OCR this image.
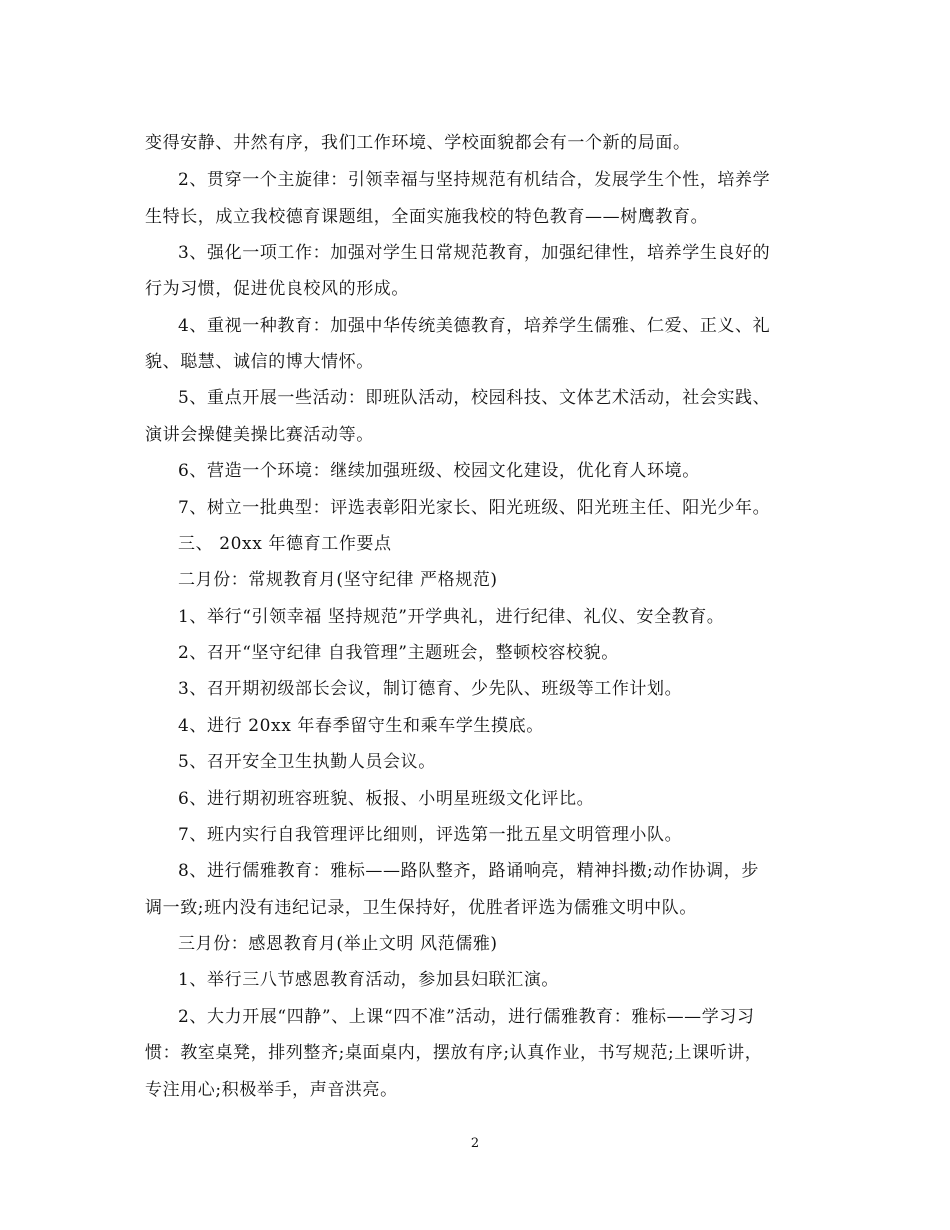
变得安静、井然有序，我们工作环境、学校面貌都会有一个新的局面。
2、贯穿一个主旋律：引领幸福与坚持规范有机结合，发展学生个性，培养学
生特长，成立我校德育课题组，全面实施我校的特色教育——树鹰教育。
3、强化一项工作：加强对学生日常规范教育，加强纪律性，培养学生良好的
行为习惯，促进优良校风的形成。
4、重视一种教育：加强中华传统美德教育，培养学生儒雅、仁爱、正义、礼
貌、聪慧、诚信的博大情怀。
5、重点开展一些活动：即班队活动，校园科技、文体艺术活动，社会实践、
演讲会操健美操比赛活动等。
6、营造一个环境：继续加强班级、校园文化建设，优化育人环境。
7、树立一批典型：评选表彰阳光家长、阳光班级、阳光班主任、阳光少年。
三、 20xx 年德育工作要点
二月份：常规教育月(坚守纪律 严格规范)
1、举行“引领幸福 坚持规范”开学典礼，进行纪律、礼仪、安全教育。
2、召开“坚守纪律 自我管理”主题班会，整顿校容校貌。
3、召开期初级部长会议，制订德育、少先队、班级等工作计划。
4、进行 20xx 年春季留守生和乘车学生摸底。
5、召开安全卫生执勤人员会议。
6、进行期初班容班貌、板报、小明星班级文化评比。
7、班内实行自我管理评比细则，评选第一批五星文明管理小队。
8、进行儒雅教育：雅标——路队整齐，路诵响亮，精神抖擞;动作协调，步
调一致;班内没有违纪记录，卫生保持好，优胜者评选为儒雅文明中队。
三月份：感恩教育月(举止文明 风范儒雅)
1、举行三八节感恩教育活动，参加县妇联汇演。
2、大力开展“四静”、上课“四不准”活动，进行儒雅教育：雅标——学习习
惯：教室桌凳，排列整齐;桌面桌内，摆放有序;认真作业，书写规范;上课听讲，
专注用心;积极举手，声音洪亮。
2
